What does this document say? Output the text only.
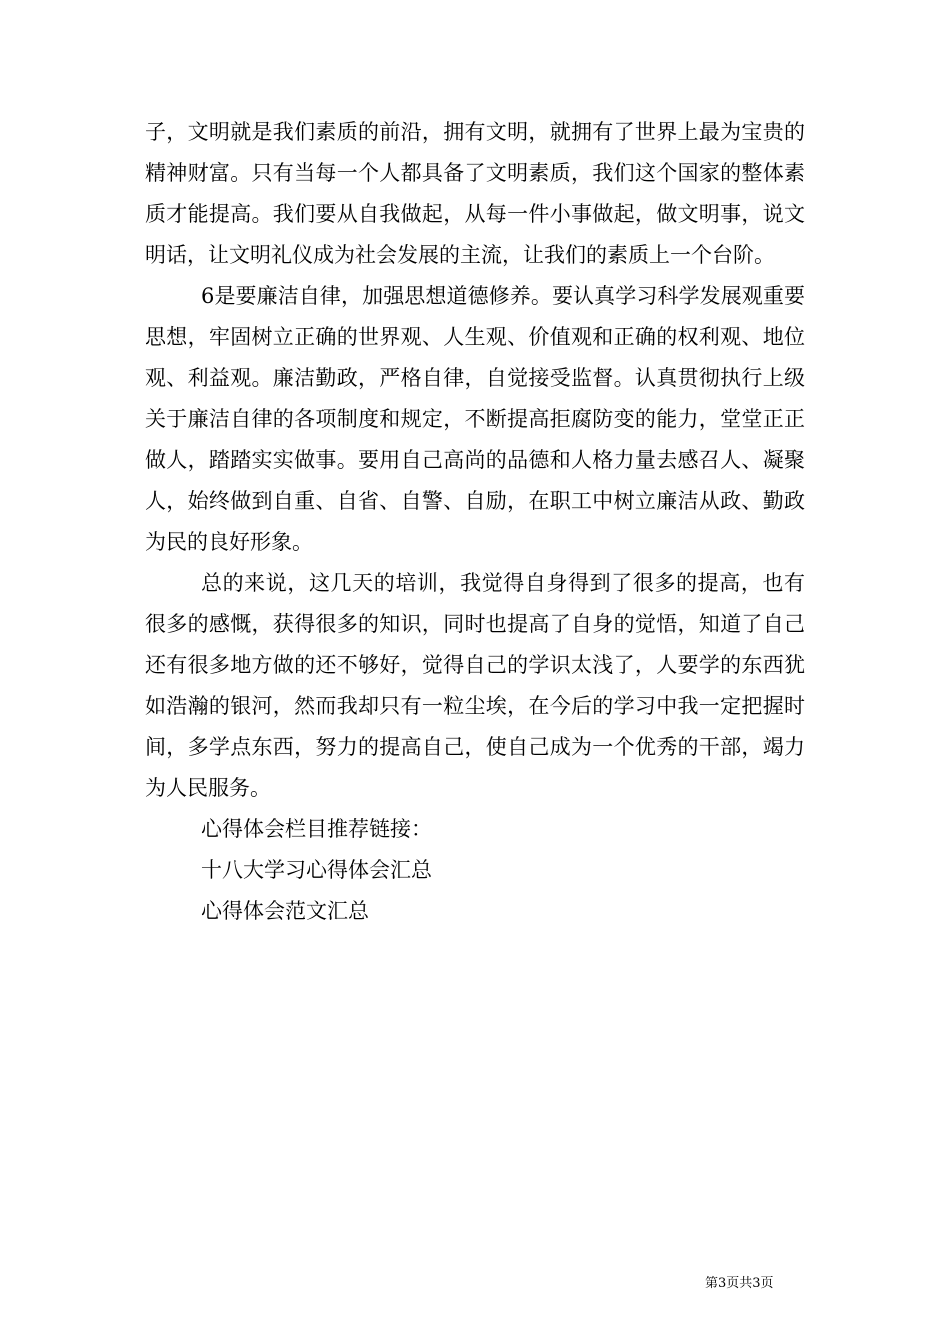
子，文明就是我们素质的前沿，拥有文明，就拥有了世界上最为宝贵的精神财富。只有当每一个人都具备了文明素质，我们这个国家的整体素质才能提高。我们要从自我做起，从每一件小事做起，做文明事，说文明话，让文明礼仪成为社会发展的主流，让我们的素质上一个台阶。

6是要廉洁自律，加强思想道德修养。要认真学习科学发展观重要思想，牢固树立正确的世界观、人生观、价值观和正确的权利观、地位观、利益观。廉洁勤政，严格自律，自觉接受监督。认真贯彻执行上级关于廉洁自律的各项制度和规定，不断提高拒腐防变的能力，堂堂正正做人，踏踏实实做事。要用自己高尚的品德和人格力量去感召人、凝聚人，始终做到自重、自省、自警、自励，在职工中树立廉洁从政、勤政为民的良好形象。

总的来说，这几天的培训，我觉得自身得到了很多的提高，也有很多的感慨，获得很多的知识，同时也提高了自身的觉悟，知道了自己还有很多地方做的还不够好，觉得自己的学识太浅了，人要学的东西犹如浩瀚的银河，然而我却只有一粒尘埃，在今后的学习中我一定把握时间，多学点东西，努力的提高自己，使自己成为一个优秀的干部，竭力为人民服务。

心得体会栏目推荐链接：

十八大学习心得体会汇总

心得体会范文汇总

第3页共3页
